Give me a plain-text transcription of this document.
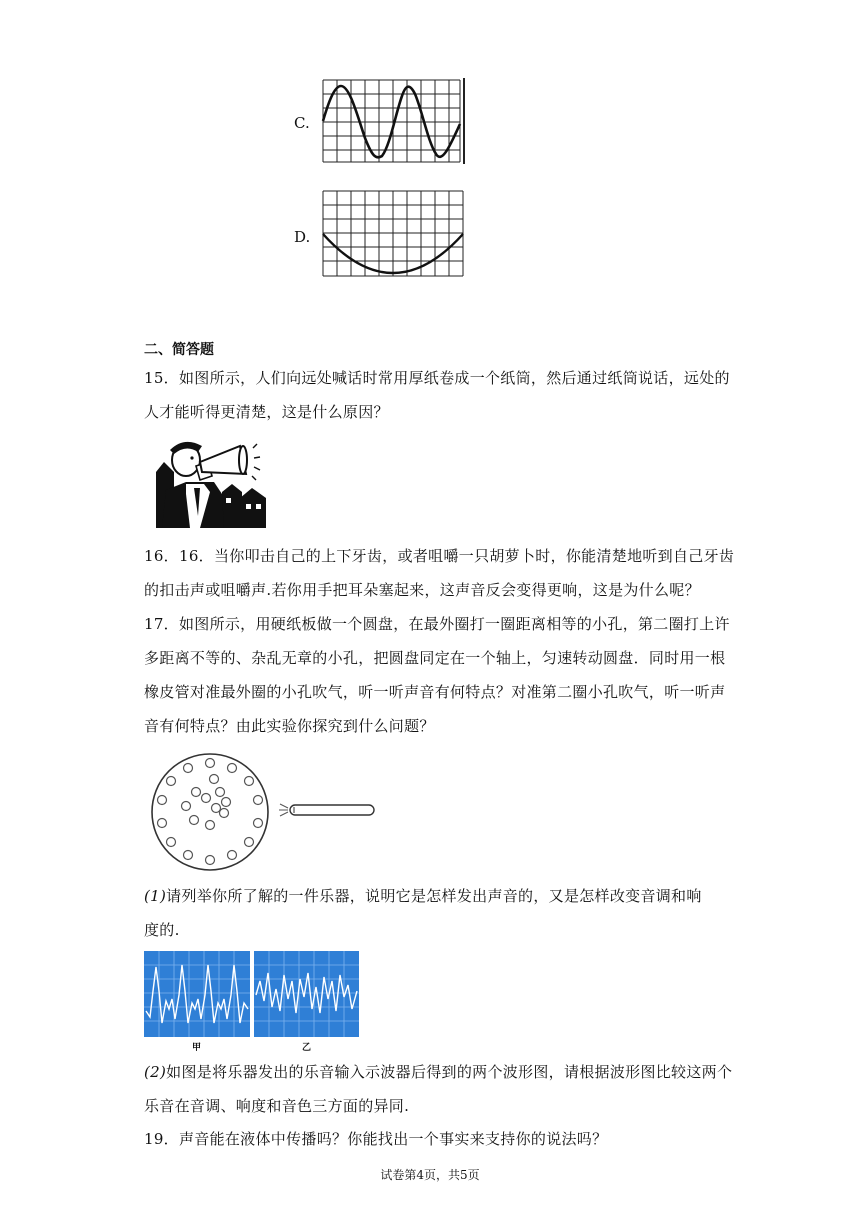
C.
D.
二、简答题
15．如图所示，人们向远处喊话时常用厚纸卷成一个纸筒，然后通过纸筒说话，远处的
人才能听得更清楚，这是什么原因？
16．16．当你叩击自己的上下牙齿，或者咀嚼一只胡萝卜时，你能清楚地听到自己牙齿
的扣击声或咀嚼声.若你用手把耳朵塞起来，这声音反会变得更响，这是为什么呢？
17．如图所示，用硬纸板做一个圆盘，在最外圈打一圈距离相等的小孔，第二圈打上许
多距离不等的、杂乱无章的小孔，把圆盘同定在一个轴上，匀速转动圆盘．同时用一根
橡皮管对准最外圈的小孔吹气，听一听声音有何特点？对准第二圈小孔吹气，听一听声
音有何特点？由此实验你探究到什么问题？
(1)请列举你所了解的一件乐器，说明它是怎样发出声音的，又是怎样改变音调和响
度的.
甲	乙
(2)如图是将乐器发出的乐音输入示波器后得到的两个波形图，请根据波形图比较这两个
乐音在音调、响度和音色三方面的异同.
19．声音能在液体中传播吗？你能找出一个事实来支持你的说法吗？
试卷第4页，共5页
